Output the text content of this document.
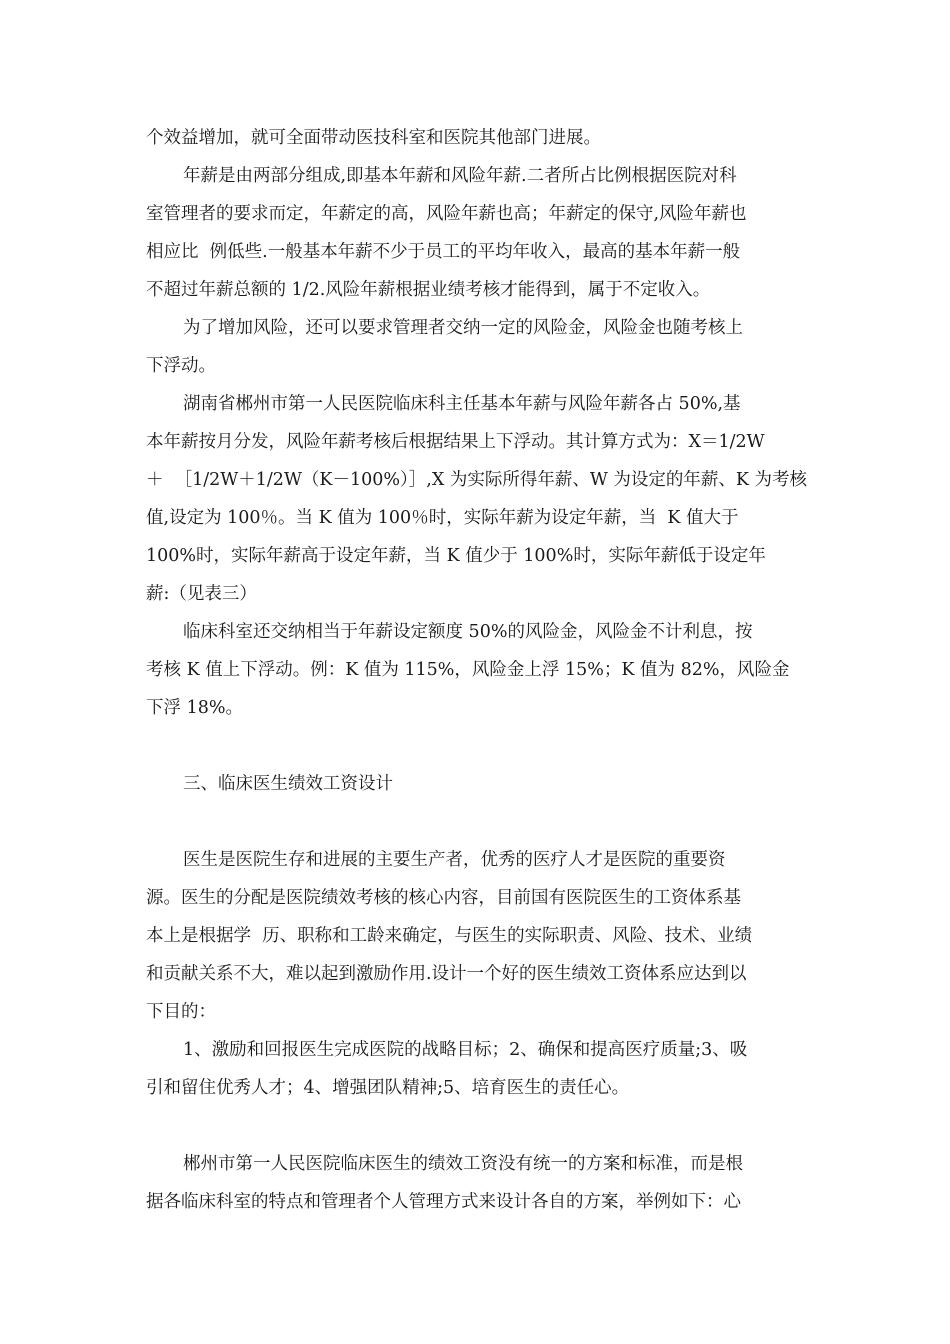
个效益增加，就可全面带动医技科室和医院其他部门进展。
年薪是由两部分组成,即基本年薪和风险年薪.二者所占比例根据医院对科
室管理者的要求而定，年薪定的高，风险年薪也高；年薪定的保守,风险年薪也
相应比  例低些.一般基本年薪不少于员工的平均年收入，最高的基本年薪一般
不超过年薪总额的 1/2.风险年薪根据业绩考核才能得到，属于不定收入。
为了增加风险，还可以要求管理者交纳一定的风险金，风险金也随考核上
下浮动。
湖南省郴州市第一人民医院临床科主任基本年薪与风险年薪各占 50%,基
本年薪按月分发，风险年薪考核后根据结果上下浮动。其计算方式为：X＝1/2W
＋  ［1/2W＋1/2W（K－100%）］,X 为实际所得年薪、W 为设定的年薪、K 为考核
值,设定为 100％。当 K 值为 100％时，实际年薪为设定年薪，当  K 值大于
100%时，实际年薪高于设定年薪，当 K 值少于 100%时，实际年薪低于设定年
薪:（见表三）
临床科室还交纳相当于年薪设定额度 50%的风险金，风险金不计利息，按
考核 K 值上下浮动。例：K 值为 115%，风险金上浮 15%；K 值为 82%，风险金
下浮 18%。
三、临床医生绩效工资设计
医生是医院生存和进展的主要生产者，优秀的医疗人才是医院的重要资
源。医生的分配是医院绩效考核的核心内容，目前国有医院医生的工资体系基
本上是根据学  历、职称和工龄来确定，与医生的实际职责、风险、技术、业绩
和贡献关系不大，难以起到激励作用.设计一个好的医生绩效工资体系应达到以
下目的：
1、激励和回报医生完成医院的战略目标；2、确保和提高医疗质量;3、吸
引和留住优秀人才；4、增强团队精神;5、培育医生的责任心。
郴州市第一人民医院临床医生的绩效工资没有统一的方案和标准，而是根
据各临床科室的特点和管理者个人管理方式来设计各自的方案，举例如下：心
